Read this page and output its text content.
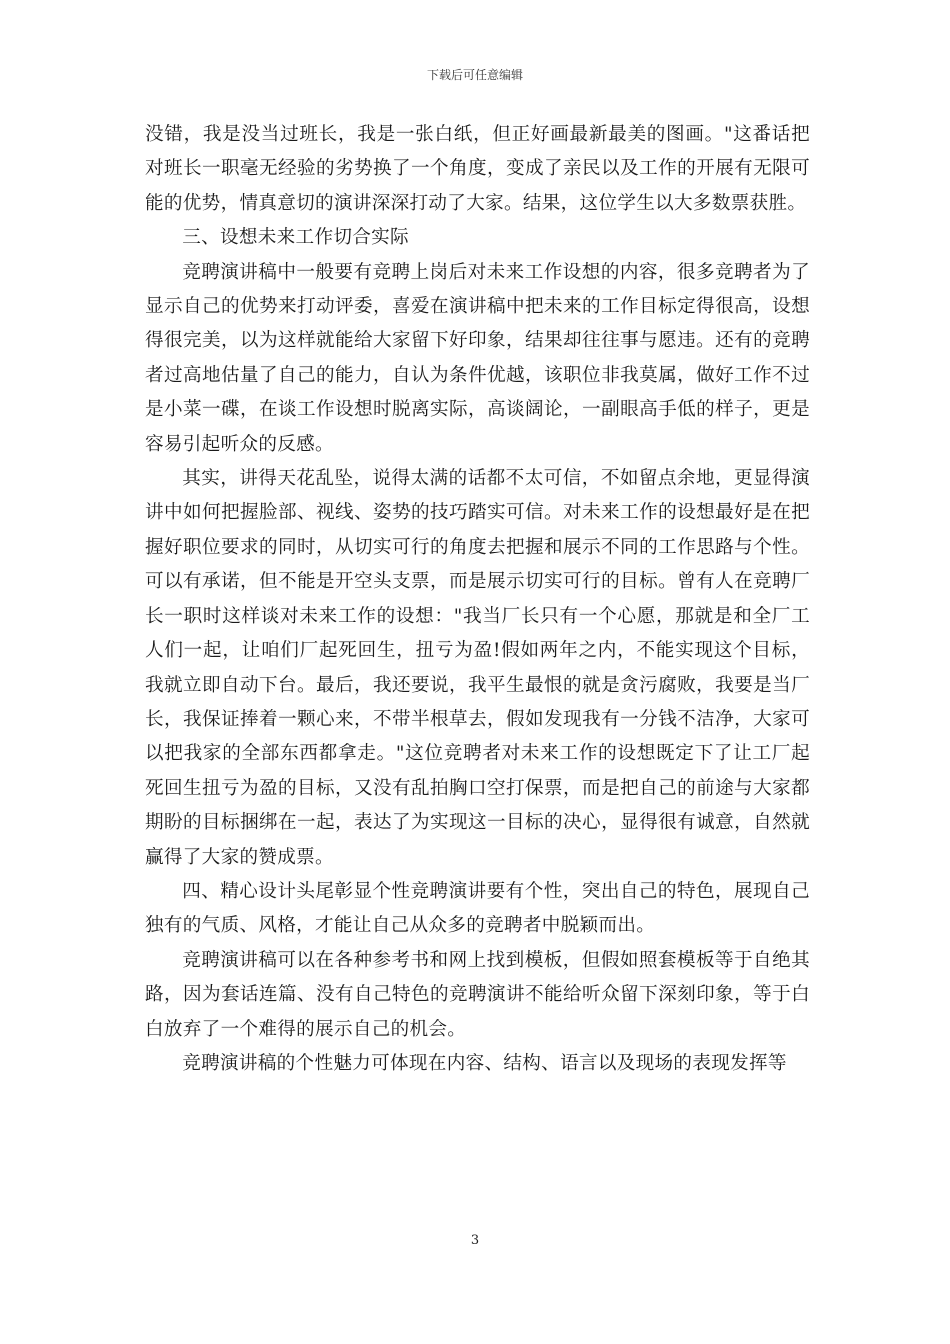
下载后可任意编辑

没错，我是没当过班长，我是一张白纸，但正好画最新最美的图画。"这番话把对班长一职毫无经验的劣势换了一个角度，变成了亲民以及工作的开展有无限可能的优势，情真意切的演讲深深打动了大家。结果，这位学生以大多数票获胜。

三、设想未来工作切合实际

竞聘演讲稿中一般要有竞聘上岗后对未来工作设想的内容，很多竞聘者为了显示自己的优势来打动评委，喜爱在演讲稿中把未来的工作目标定得很高，设想得很完美，以为这样就能给大家留下好印象，结果却往往事与愿违。还有的竞聘者过高地估量了自己的能力，自认为条件优越，该职位非我莫属，做好工作不过是小菜一碟，在谈工作设想时脱离实际，高谈阔论，一副眼高手低的样子，更是容易引起听众的反感。

其实，讲得天花乱坠，说得太满的话都不太可信，不如留点余地，更显得演讲中如何把握脸部、视线、姿势的技巧踏实可信。对未来工作的设想最好是在把握好职位要求的同时，从切实可行的角度去把握和展示不同的工作思路与个性。可以有承诺，但不能是开空头支票，而是展示切实可行的目标。曾有人在竞聘厂长一职时这样谈对未来工作的设想："我当厂长只有一个心愿，那就是和全厂工人们一起，让咱们厂起死回生，扭亏为盈!假如两年之内，不能实现这个目标，我就立即自动下台。最后，我还要说，我平生最恨的就是贪污腐败，我要是当厂长，我保证捧着一颗心来，不带半根草去，假如发现我有一分钱不洁净，大家可以把我家的全部东西都拿走。"这位竞聘者对未来工作的设想既定下了让工厂起死回生扭亏为盈的目标，又没有乱拍胸口空打保票，而是把自己的前途与大家都期盼的目标捆绑在一起，表达了为实现这一目标的决心，显得很有诚意，自然就赢得了大家的赞成票。

四、精心设计头尾彰显个性竞聘演讲要有个性，突出自己的特色，展现自己独有的气质、风格，才能让自己从众多的竞聘者中脱颖而出。

竞聘演讲稿可以在各种参考书和网上找到模板，但假如照套模板等于自绝其路，因为套话连篇、没有自己特色的竞聘演讲不能给听众留下深刻印象，等于白白放弃了一个难得的展示自己的机会。

竞聘演讲稿的个性魅力可体现在内容、结构、语言以及现场的表现发挥等

3
